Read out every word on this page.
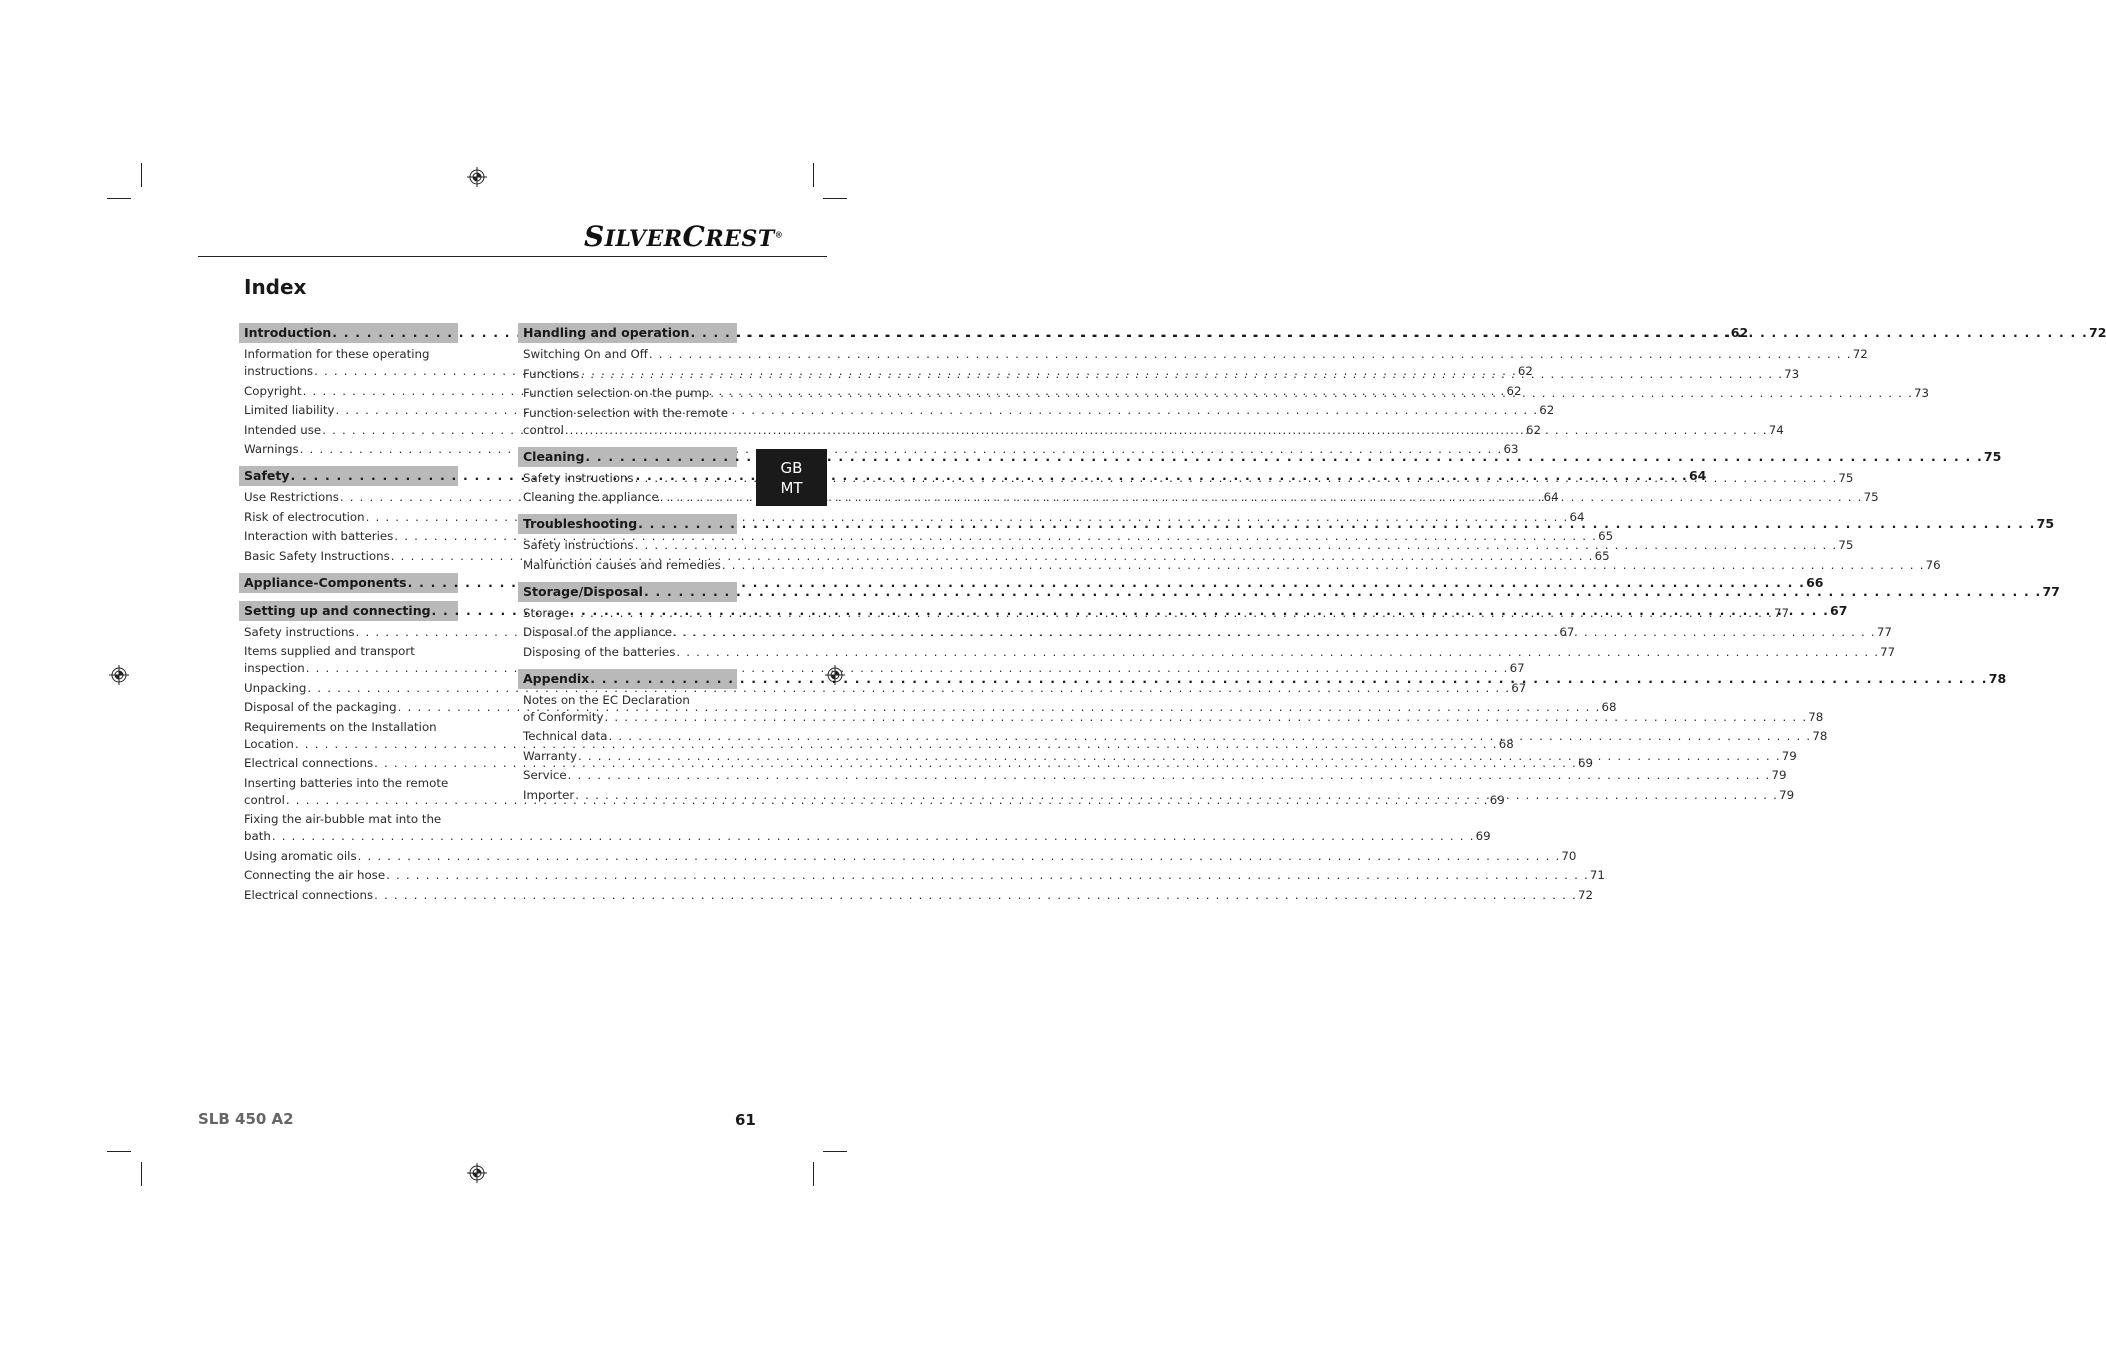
SILVERCREST®
Index
Introduction . . .	62
Information for these operating
instructions . . .	62
Copyright . . .	62
Limited liability . . .	62
Intended use . . .	62
Warnings . . .	63
Safety . . .	64
Use Restrictions . . .	64
Risk of electrocution . . .	64
Interaction with batteries . . .	65
Basic Safety Instructions . . .	65
Appliance-Components . . .	66
Setting up and connecting . . .	67
Safety instructions . . .	67
Items supplied and transport
inspection . . .	67
Unpacking . . .	67
Disposal of the packaging . . .	68
Requirements on the Installation
Location . . .	68
Electrical connections . . .	69
Inserting batteries into the remote
control . . .	69
Fixing the air-bubble mat into the
bath . . .	69
Using aromatic oils . . .	70
Connecting the air hose . . .	71
Electrical connections . . .	72
Handling and operation . . .	72
Switching On and Off . . .	72
Functions . . .	73
Function selection on the pump . . .	73
Function selection with the remote
control . . .	74
Cleaning . . .	75
Safety instructions . . .	75
Cleaning the appliance . . .	75
Troubleshooting . . .	75
Safety instructions . . .	75
Malfunction causes and remedies . . .	76
Storage/Disposal . . .	77
Storage . . .	77
Disposal of the appliance . . .	77
Disposing of the batteries . . .	77
Appendix . . .	78
Notes on the EC Declaration
of Conformity . . .	78
Technical data . . .	78
Warranty . . .	79
Service . . .	79
Importer . . .	79
GB
MT
SLB 450 A2	61
